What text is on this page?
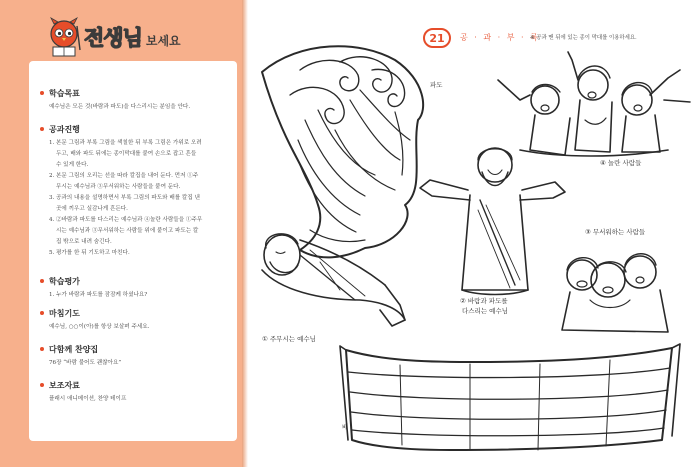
전생님 보세요
학습목표
예수님은 모든 것(바람과 파도)을 다스리시는 분임을 안다.
공과진행
1. 본문 그림과 부록 그림을 색칠한 뒤 부록 그림은 가위로 오려
두고, 배와 파도 뒤에는 종이막대를 붙여 손으로 잡고 흔들
수 있게 한다.
2. 본문 그림의 오리는 선을 따라 칼집을 내어 둔다. 먼저 ①주
무시는 예수님과 ③무서워하는 사람들을 붙여 둔다.
3. 공과의 내용을 설명하면서 부록 그림의 파도와 배를 칼집 낸
곳에 끼우고 실감나게 흔든다.
4. ②바람과 파도를 다스리는 예수님과 ④놀란 사람들을 ①주무
시는 예수님과 ③무서워하는 사람들 위에 붙이고 파도는 칼
집 밖으로 내려 숨긴다.
5. 평가를 한 뒤 기도하고 마친다.
학습평가
1. 누가 바람과 파도를 잠잠케 하셨나요?
마침기도
예수님, ○○이(아)를 항상 보살펴 주세요.
다함께 찬양집
76장 “바람 불어도 괜찮아요”
보조자료
플래시 애니메이션, 찬양 테이프
21 공 · 과 · 부 · 록
※ 공과 맨 뒤에 있는 종이 막대를 이용하세요.
파도
④ 놀란 사람들
② 바람과 파도를
다스리는 예수님
③ 무서워하는 사람들
① 주무시는 예수님
배
